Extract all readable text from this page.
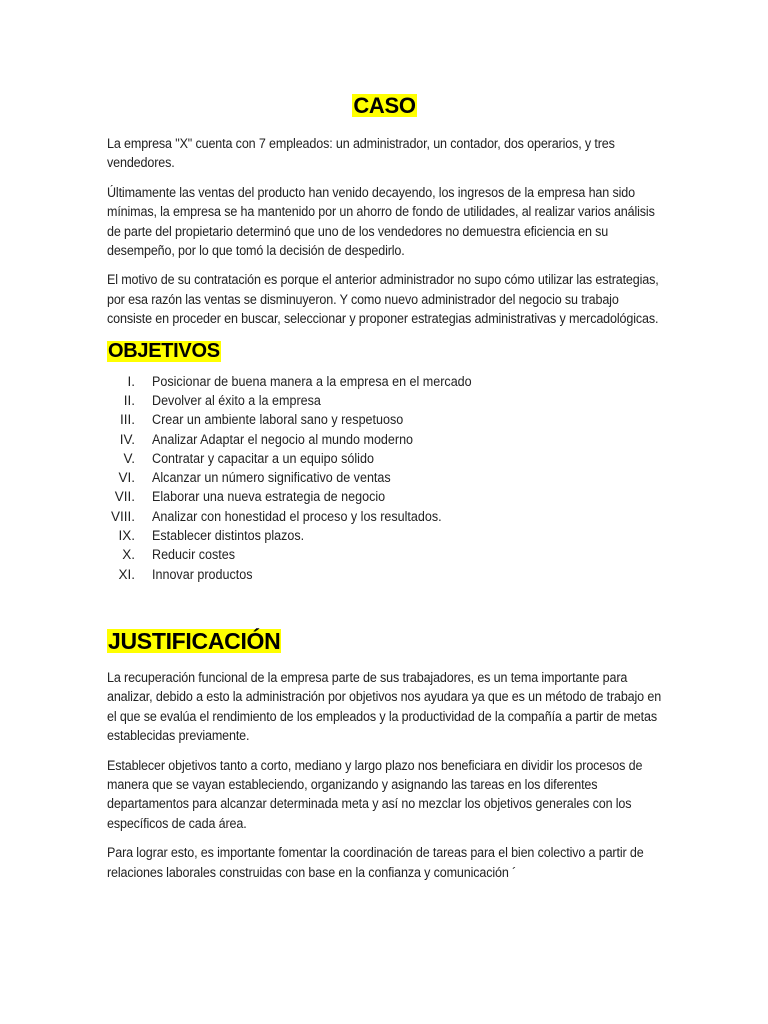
CASO

La empresa "X" cuenta con 7 empleados: un administrador, un contador, dos operarios, y tres vendedores.

Últimamente las ventas del producto han venido decayendo, los ingresos de la empresa han sido mínimas, la empresa se ha mantenido por un ahorro de fondo de utilidades, al realizar varios análisis de parte del propietario determinó que uno de los vendedores no demuestra eficiencia en su desempeño, por lo que tomó la decisión de despedirlo.

El motivo de su contratación es porque el anterior administrador no supo cómo utilizar las estrategias, por esa razón las ventas se disminuyeron. Y como nuevo administrador del negocio su trabajo consiste en proceder en buscar, seleccionar y proponer estrategias administrativas y mercadológicas.

OBJETIVOS
I. Posicionar de buena manera a la empresa en el mercado
II. Devolver al éxito a la empresa
III. Crear un ambiente laboral sano y respetuoso
IV. Analizar Adaptar el negocio al mundo moderno
V. Contratar y capacitar a un equipo sólido
VI. Alcanzar un número significativo de ventas
VII. Elaborar una nueva estrategia de negocio
VIII. Analizar con honestidad el proceso y los resultados.
IX. Establecer distintos plazos.
X. Reducir costes
XI. Innovar productos
JUSTIFICACIÓN

La recuperación funcional de la empresa parte de sus trabajadores, es un tema importante para analizar, debido a esto la administración por objetivos nos ayudara ya que es un método de trabajo en el que se evalúa el rendimiento de los empleados y la productividad de la compañía a partir de metas establecidas previamente.

Establecer objetivos tanto a corto, mediano y largo plazo nos beneficiara en dividir los procesos de manera que se vayan estableciendo, organizando y asignando las tareas en los diferentes departamentos para alcanzar determinada meta y así no mezclar los objetivos generales con los específicos de cada área.

Para lograr esto, es importante fomentar la coordinación de tareas para el bien colectivo a partir de relaciones laborales construidas con base en la confianza y comunicación ´
